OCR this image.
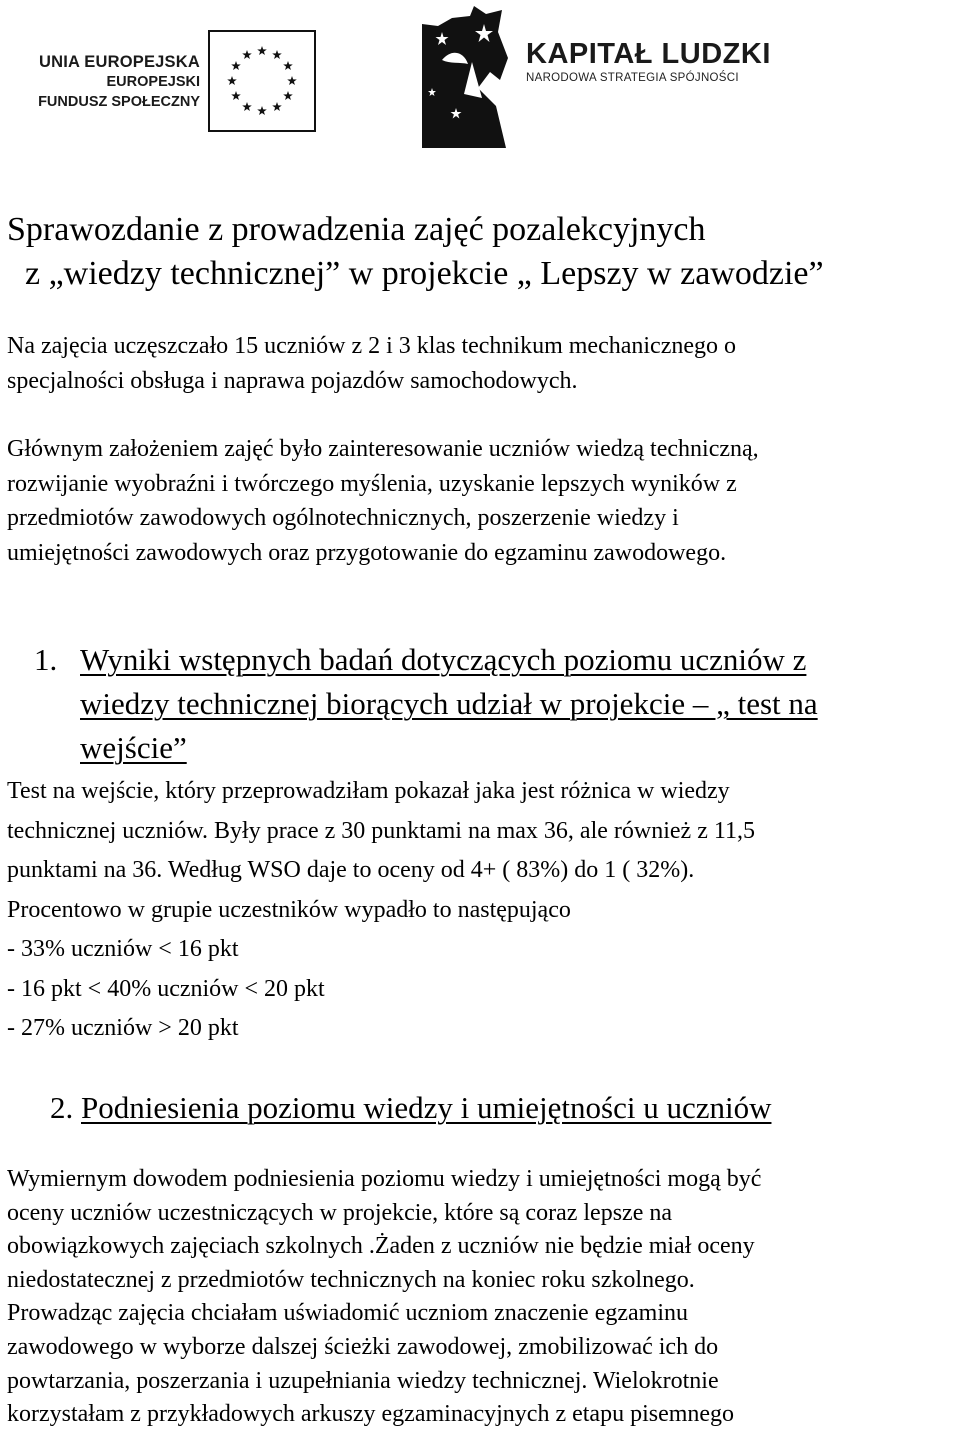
UNIA EUROPEJSKA
EUROPEJSKI
FUNDUSZ SPOŁECZNY
KAPITAŁ LUDZKI
NARODOWA STRATEGIA SPÓJNOŚCI
Sprawozdanie z prowadzenia zajęć pozalekcyjnych
z „wiedzy technicznej” w projekcie „ Lepszy w zawodzie”
Na zajęcia uczęszczało 15 uczniów z 2 i 3 klas technikum mechanicznego o
specjalności obsługa i naprawa pojazdów samochodowych.
Głównym założeniem zajęć było zainteresowanie uczniów wiedzą techniczną,
rozwijanie wyobraźni i twórczego myślenia, uzyskanie lepszych wyników z
przedmiotów zawodowych ogólnotechnicznych, poszerzenie wiedzy i
umiejętności zawodowych oraz przygotowanie do egzaminu zawodowego.
1. Wyniki wstępnych badań dotyczących poziomu uczniów z
wiedzy technicznej biorących udział w projekcie – „ test na
wejście”
Test na wejście, który przeprowadziłam pokazał jaka jest różnica w wiedzy
technicznej uczniów. Były prace z 30 punktami na max 36, ale również z 11,5
punktami na 36. Według WSO daje to oceny od 4+ ( 83%) do 1 ( 32%).
Procentowo w grupie uczestników wypadło to następująco
- 33% uczniów < 16 pkt
- 16 pkt < 40% uczniów < 20 pkt
- 27% uczniów > 20 pkt
2. Podniesienia poziomu wiedzy i umiejętności u uczniów
Wymiernym dowodem podniesienia poziomu wiedzy i umiejętności mogą być
oceny uczniów uczestniczących w projekcie, które są coraz lepsze na
obowiązkowych zajęciach szkolnych .Żaden z uczniów nie będzie miał oceny
niedostatecznej z przedmiotów technicznych na koniec roku szkolnego.
Prowadząc zajęcia chciałam uświadomić uczniom znaczenie egzaminu
zawodowego w wyborze dalszej ścieżki zawodowej, zmobilizować ich do
powtarzania, poszerzania i uzupełniania wiedzy technicznej. Wielokrotnie
korzystałam z przykładowych arkuszy egzaminacyjnych z etapu pisemnego
